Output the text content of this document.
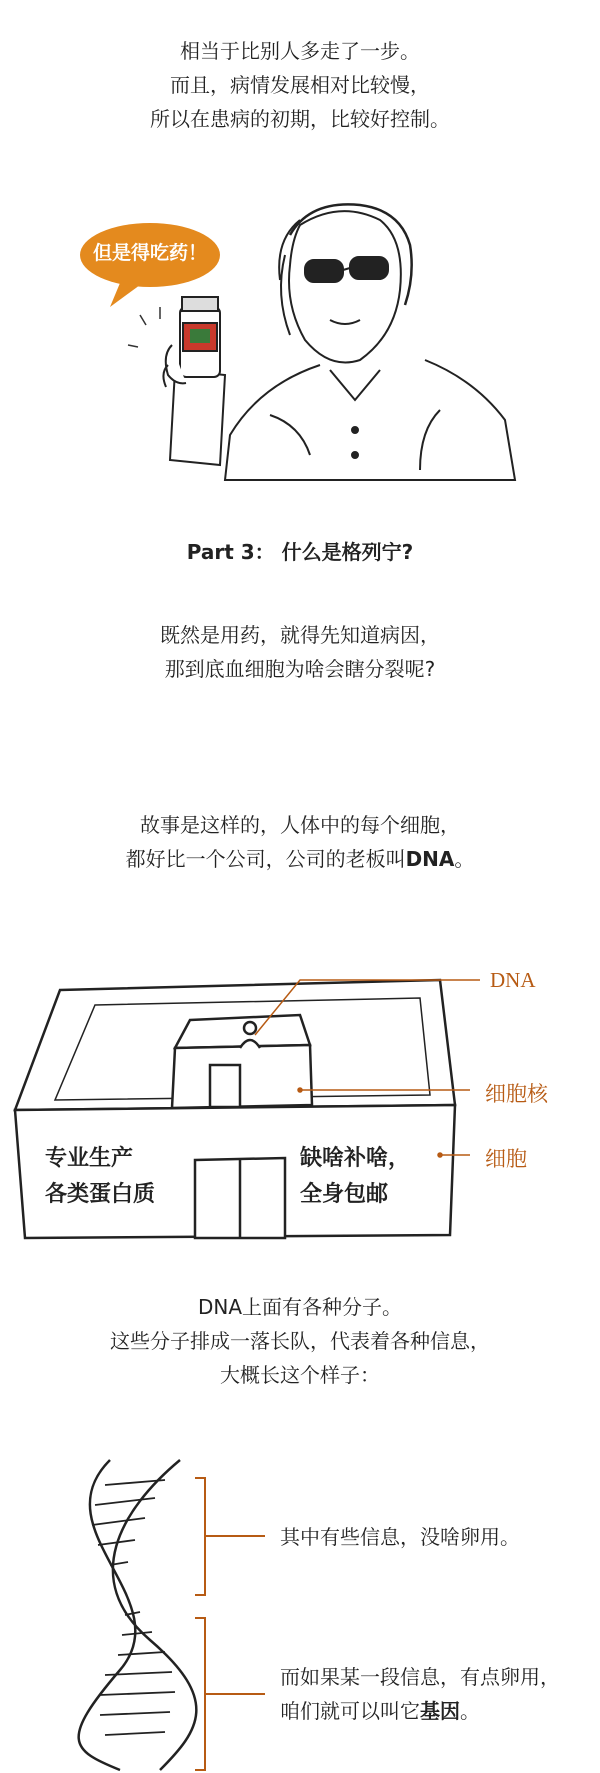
相当于比别人多走了一步。
而且，病情发展相对比较慢，
所以在患病的初期，比较好控制。
但是得吃药！
Part 3： 什么是格列宁?
既然是用药，就得先知道病因，
那到底血细胞为啥会瞎分裂呢?
故事是这样的，人体中的每个细胞，
都好比一个公司，公司的老板叫DNA。
DNA
细胞核
细胞
专业生产
各类蛋白质
缺啥补啥，
全身包邮
DNA上面有各种分子。
这些分子排成一落长队，代表着各种信息，
大概长这个样子：
其中有些信息，没啥卵用。
而如果某一段信息，有点卵用，
咱们就可以叫它基因。
